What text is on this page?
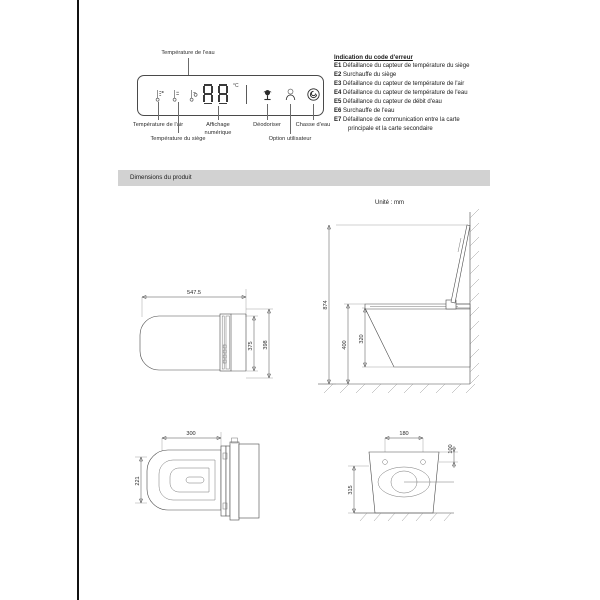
Température de l'eau
°C
Température de l'air
Température du siège
Affichage
numérique
Déodoriser
Option utilisateur
Chasse d'eau
Indication du code d'erreur
E1 Défaillance du capteur de température du siège
E2 Surchauffe du siège
E3 Défaillance du capteur de température de l'air
E4 Défaillance du capteur de température de l'eau
E5 Défaillance du capteur de débit d'eau
E6 Surchauffe de l'eau
E7 Défaillance de communication entre la carte
principale et la carte secondaire
Dimensions du produit
Unité : mm
547.5
375 398
874
400
320
300
221
180
100
315
